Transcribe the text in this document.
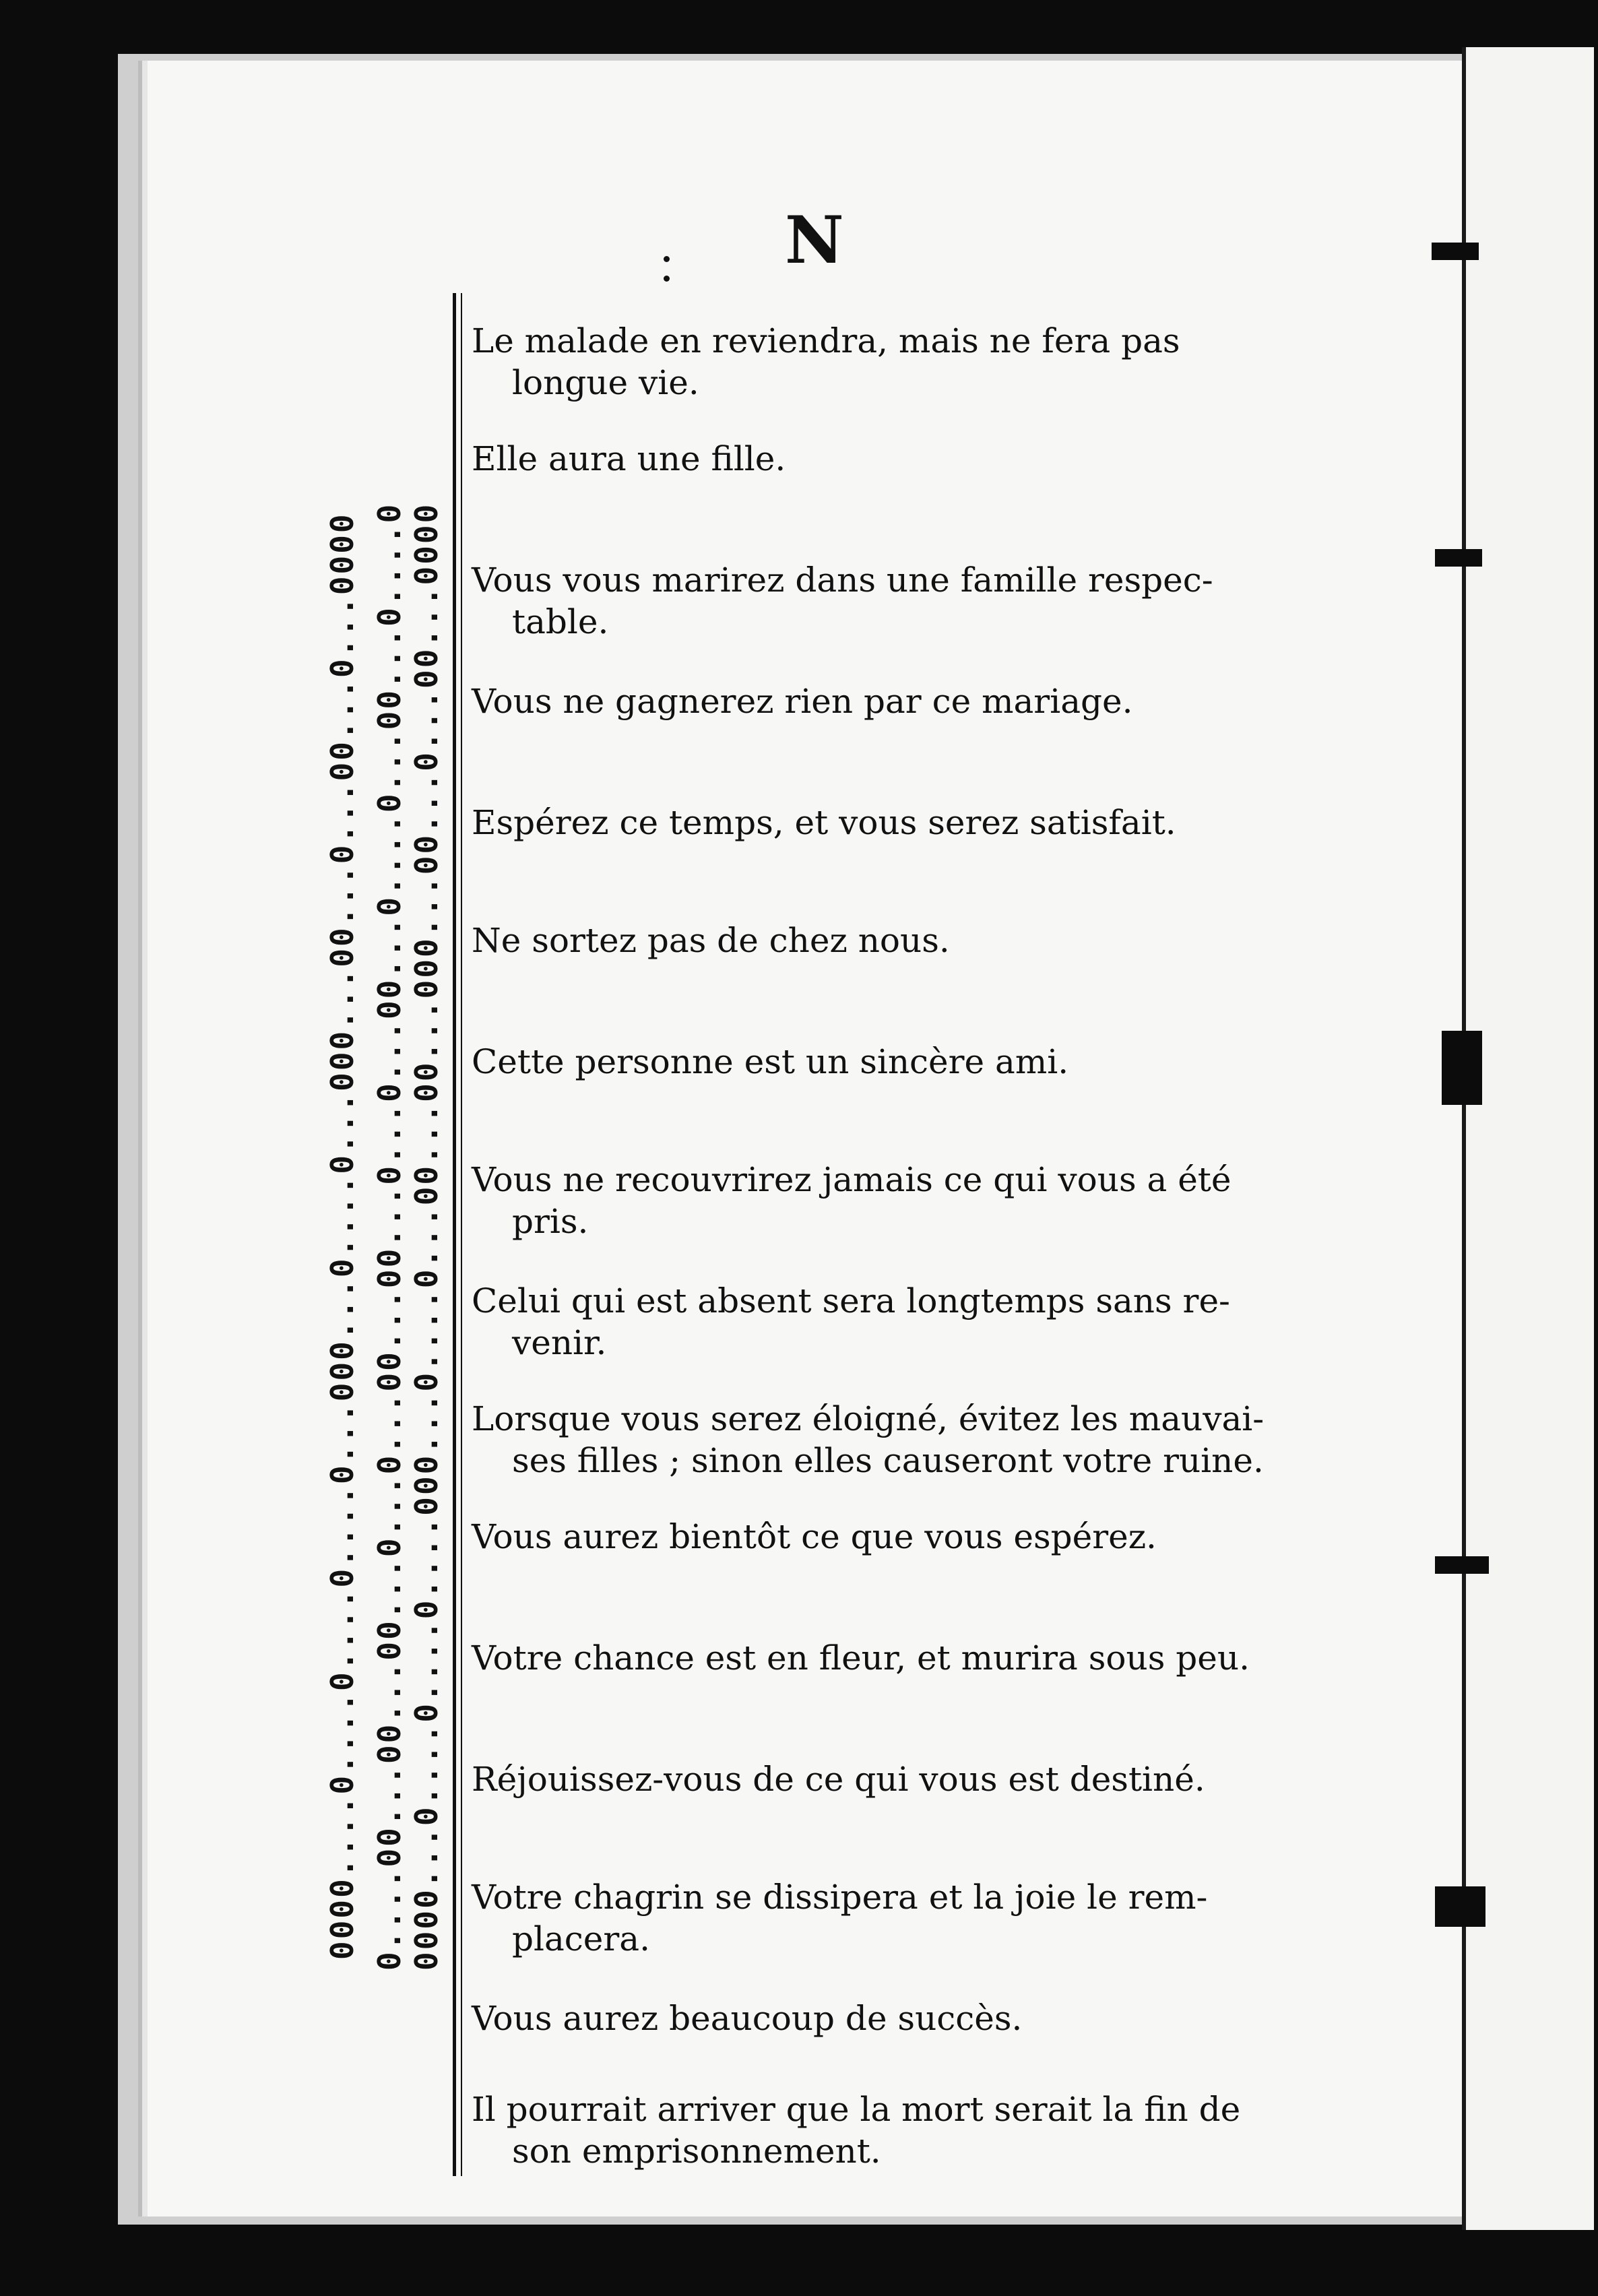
N
0000....0....0....0....0...000...0....0...000...00...0...00...0...0000 0....00...00...00...0...0...00...00...0...0...00...0....0...00...0....0 0000...0....0....0....000...0....0...00...00...000...00...0...00...0000

Le malade en reviendra, mais ne fera pas

longue vie.

Elle aura une fille.

Vous vous marirez dans une famille respec-

table.

Vous ne gagnerez rien par ce mariage.

Espérez ce temps, et vous serez satisfait.

Ne sortez pas de chez nous.

Cette personne est un sincère ami.

Vous ne recouvrirez jamais ce qui vous a été

pris.

Celui qui est absent sera longtemps sans re-

venir.

Lorsque vous serez éloigné, évitez les mauvai-

ses filles ; sinon elles causeront votre ruine.

Vous aurez bientôt ce que vous espérez.

Votre chance est en fleur, et murira sous peu.

Réjouissez-vous de ce qui vous est destiné.

Votre chagrin se dissipera et la joie le rem-

placera.

Vous aurez beaucoup de succès.

Il pourrait arriver que la mort serait la fin de

son emprisonnement.
